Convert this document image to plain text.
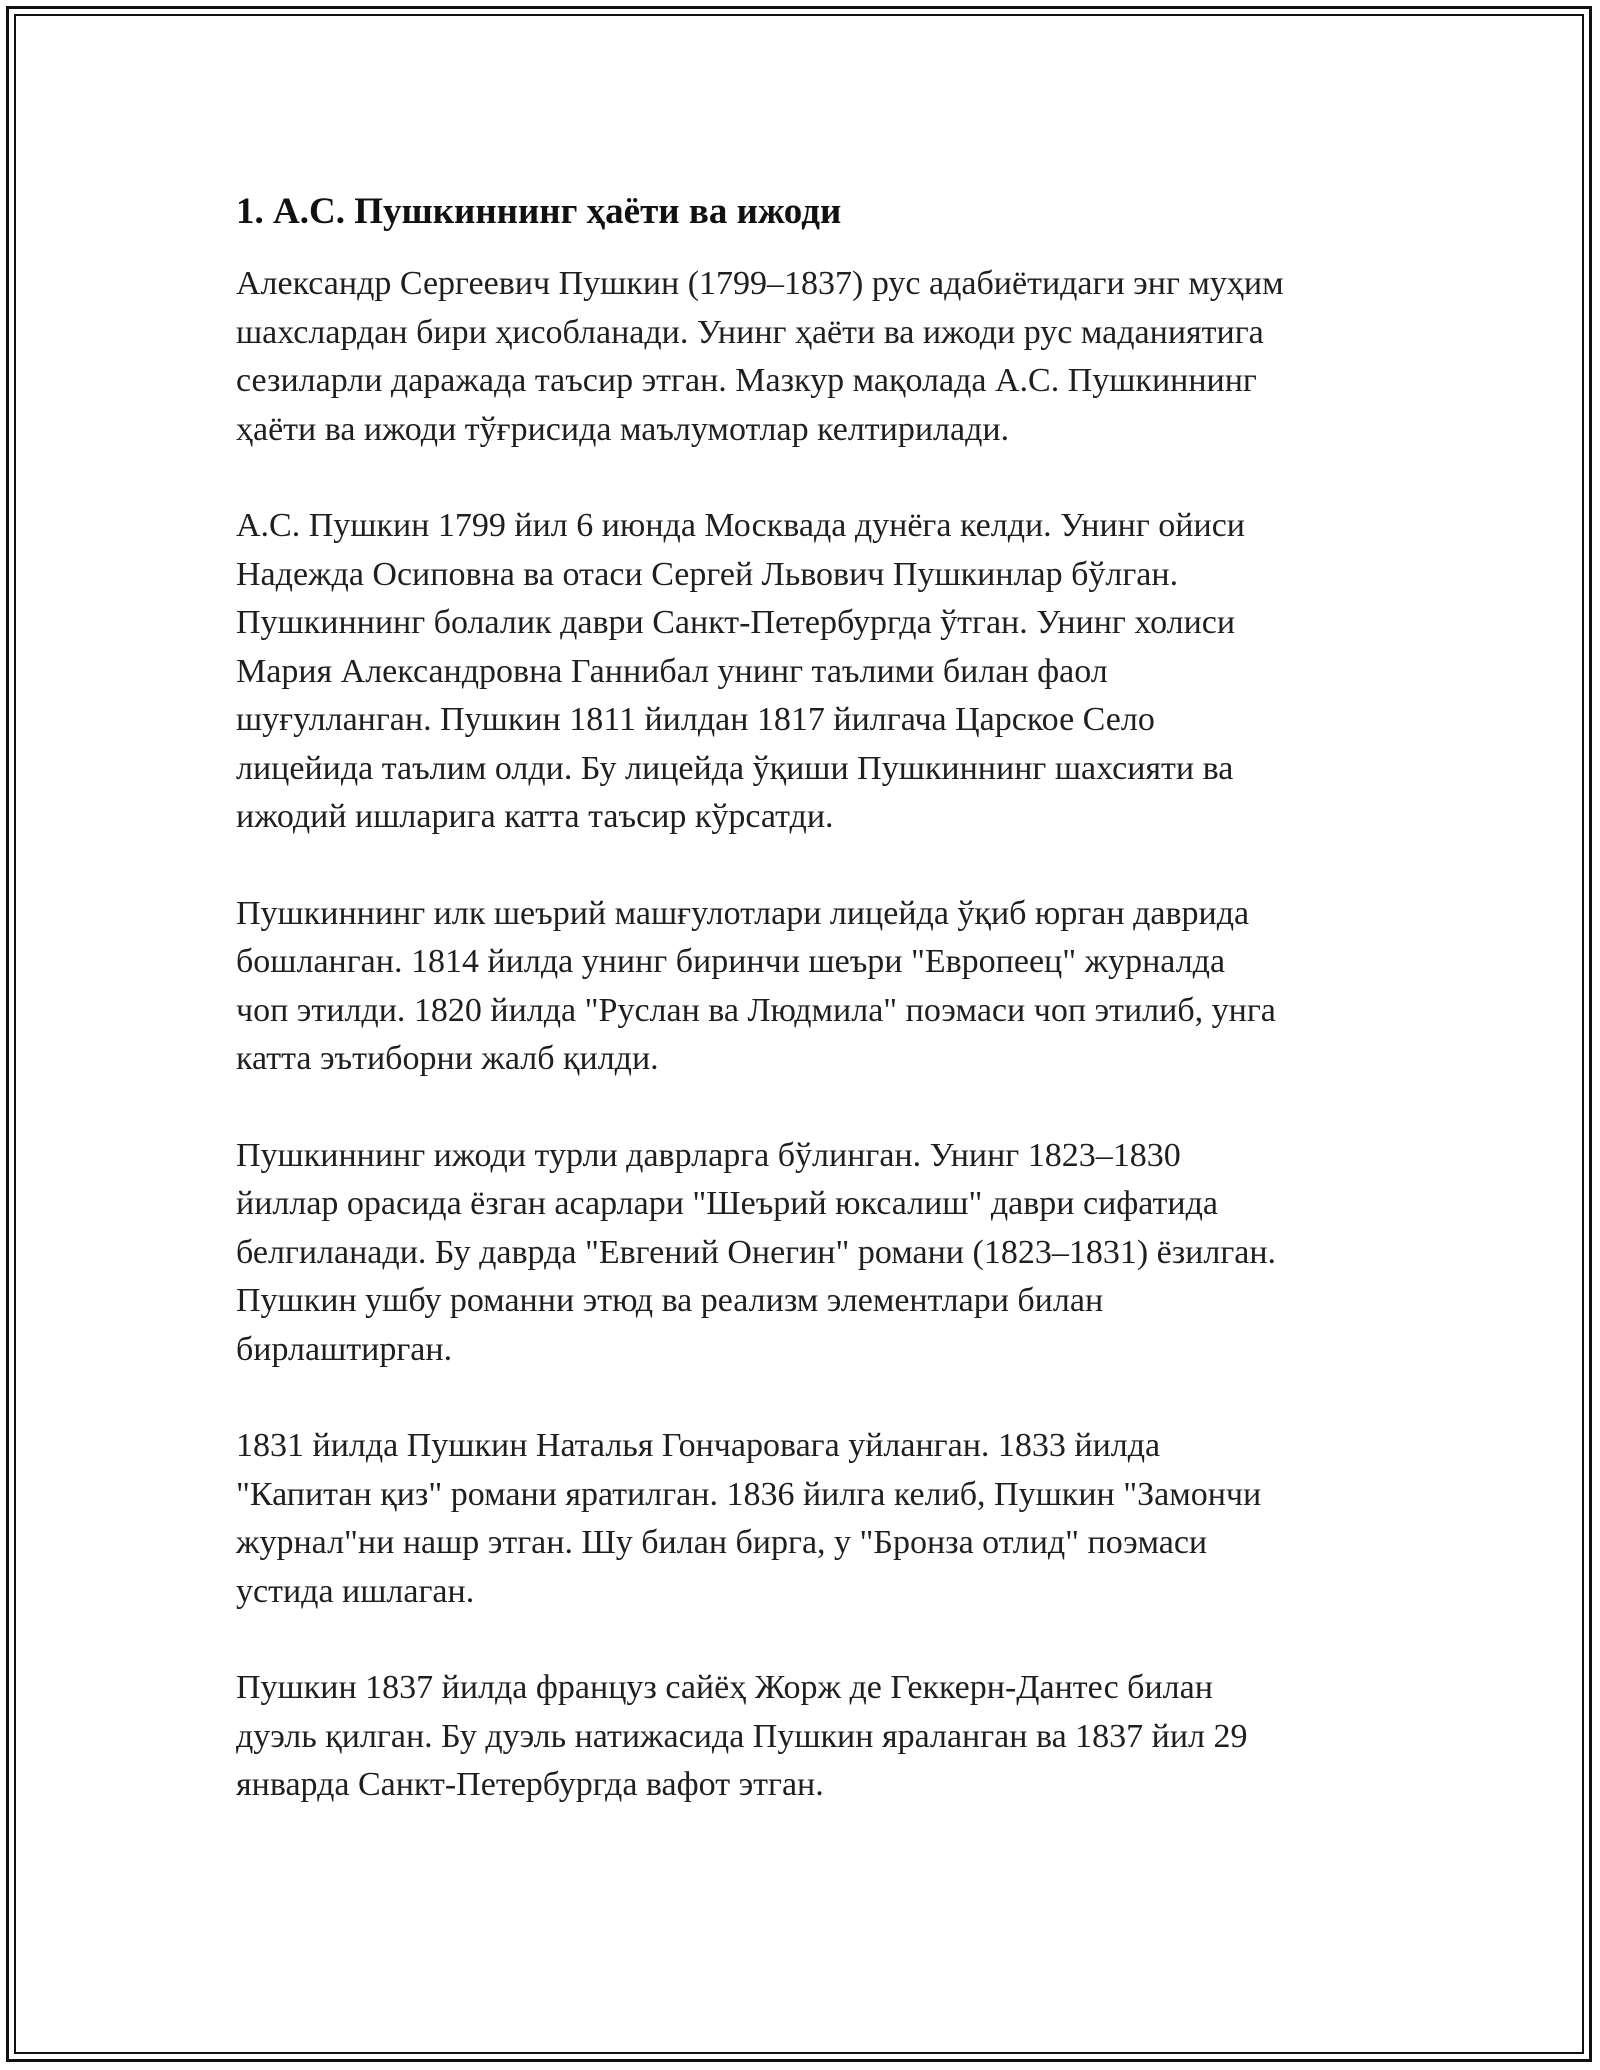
1. А.С. Пушкиннинг ҳаёти ва ижоди

Александр Сергеевич Пушкин (1799–1837) рус адабиётидаги энг муҳим
шахслардан бири ҳисобланади. Унинг ҳаёти ва ижоди рус маданиятига
сезиларли даражада таъсир этган. Мазкур мақолада А.С. Пушкиннинг
ҳаёти ва ижоди тўғрисида маълумотлар келтирилади.

А.С. Пушкин 1799 йил 6 июнда Москвада дунёга келди. Унинг ойиси
Надежда Осиповна ва отаси Сергей Львович Пушкинлар бўлган.
Пушкиннинг болалик даври Санкт-Петербургда ўтган. Унинг холиси
Мария Александровна Ганнибал унинг таълими билан фаол
шуғулланган. Пушкин 1811 йилдан 1817 йилгача Царское Село
лицейида таълим олди. Бу лицейда ўқиши Пушкиннинг шахсияти ва
ижодий ишларига катта таъсир кўрсатди.

Пушкиннинг илк шеърий машғулотлари лицейда ўқиб юрган даврида
бошланган. 1814 йилда унинг биринчи шеъри "Европеец" журналда
чоп этилди. 1820 йилда "Руслан ва Людмила" поэмаси чоп этилиб, унга
катта эътиборни жалб қилди.

Пушкиннинг ижоди турли даврларга бўлинган. Унинг 1823–1830
йиллар орасида ёзган асарлари "Шеърий юксалиш" даври сифатида
белгиланади. Бу даврда "Евгений Онегин" романи (1823–1831) ёзилган.
Пушкин ушбу романни этюд ва реализм элементлари билан
бирлаштирган.

1831 йилда Пушкин Наталья Гончаровага уйланган. 1833 йилда
"Капитан қиз" романи яратилган. 1836 йилга келиб, Пушкин "Замончи
журнал"ни нашр этган. Шу билан бирга, у "Бронза отлид" поэмаси
устида ишлаган.

Пушкин 1837 йилда француз сайёҳ Жорж де Геккерн-Дантес билан
дуэль қилган. Бу дуэль натижасида Пушкин яраланган ва 1837 йил 29
январда Санкт-Петербургда вафот этган.
